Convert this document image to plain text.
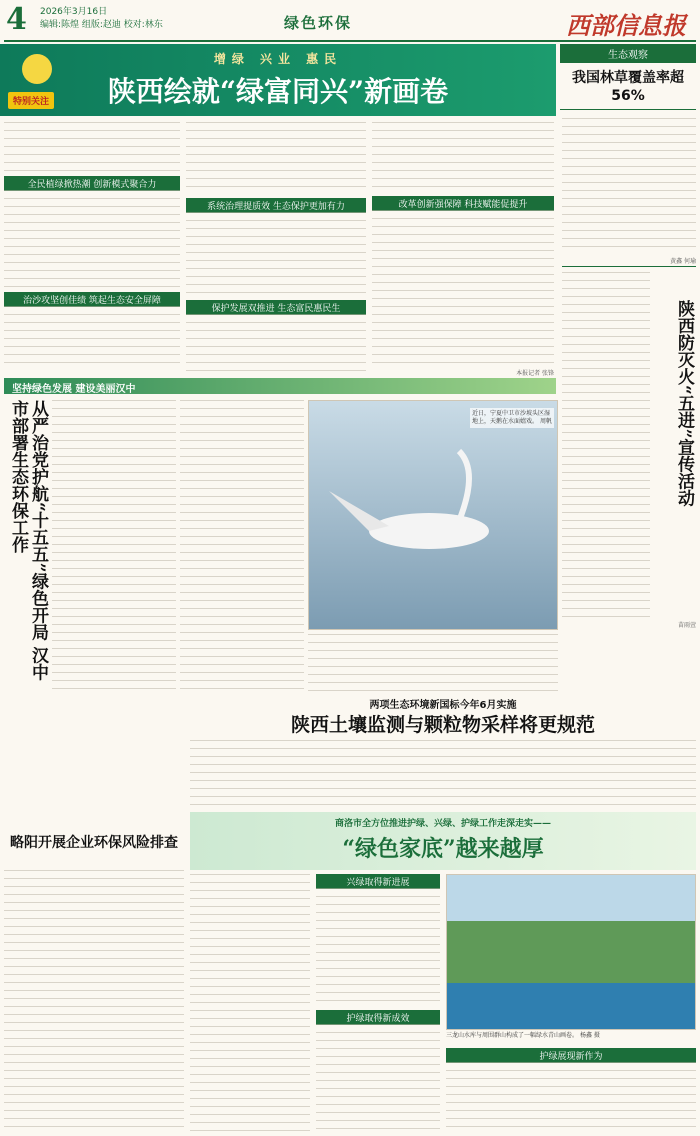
4 2026年3月16日
编辑:陈煌 组版:赵迪 校对:林东	绿色环保	西部信息报
特别关注
增绿 兴业 惠民
陕西绘就“绿富同兴”新画卷
全民植绿掀热潮 创新模式聚合力
治沙攻坚创佳绩 筑起生态安全屏障
系统治理提质效 生态保护更加有力
保护发展双推进 生态富民惠民生
改革创新强保障 科技赋能促提升
本报记者 张锋
生态观察
我国林草覆盖率超56%
黄鑫 何瑜
陕西防灭火“五进”宣传活动
苗雨萱
坚持绿色发展 建设美丽汉中
从严治党护航“十五五”绿色开局 汉中市部署生态环保工作	近日，宁夏中卫市沙坡头区湿地上，天鹅在水面嬉戏。 周帆
两项生态环境新国标今年6月实施
陕西土壤监测与颗粒物采样将更规范
略阳开展企业环保风险排查
商洛市全方位推进护绿、兴绿、护绿工作走深走实——
“绿色家底”越来越厚
兴绿取得新进展
护绿取得新成效
三龙山水库与周围群山构成了一幅绿水青山画卷。 杨鑫 摄
护绿展现新作为
